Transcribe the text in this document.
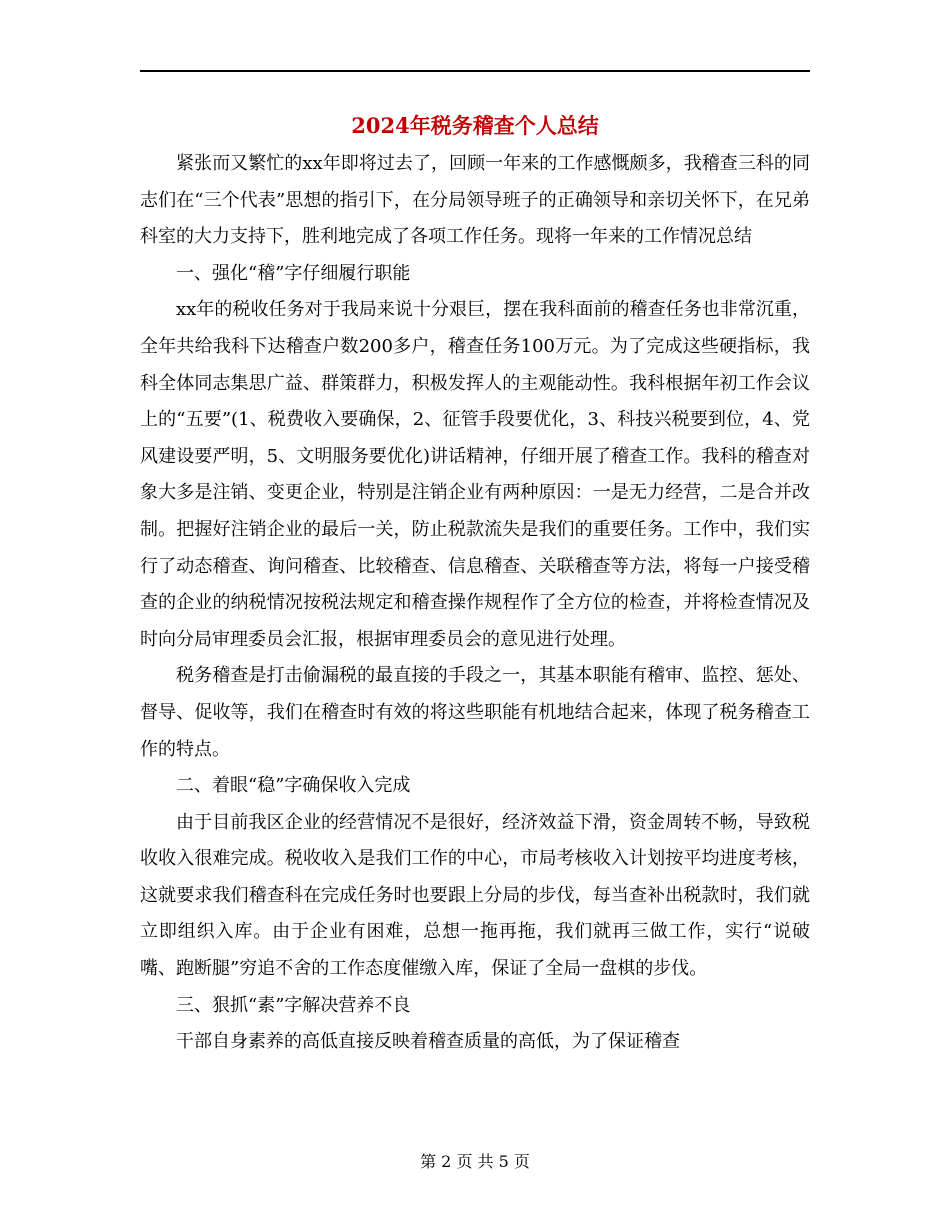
2024年税务稽查个人总结

紧张而又繁忙的xx年即将过去了，回顾一年来的工作感慨颇多，我稽查三科的同志们在“三个代表”思想的指引下，在分局领导班子的正确领导和亲切关怀下，在兄弟科室的大力支持下，胜利地完成了各项工作任务。现将一年来的工作情况总结

一、强化“稽”字仔细履行职能

xx年的税收任务对于我局来说十分艰巨，摆在我科面前的稽查任务也非常沉重，全年共给我科下达稽查户数200多户，稽查任务100万元。为了完成这些硬指标，我科全体同志集思广益、群策群力，积极发挥人的主观能动性。我科根据年初工作会议上的“五要”(1、税费收入要确保，2、征管手段要优化，3、科技兴税要到位，4、党风建设要严明，5、文明服务要优化)讲话精神，仔细开展了稽查工作。我科的稽查对象大多是注销、变更企业，特别是注销企业有两种原因：一是无力经营，二是合并改制。把握好注销企业的最后一关，防止税款流失是我们的重要任务。工作中，我们实行了动态稽查、询问稽查、比较稽查、信息稽查、关联稽查等方法，将每一户接受稽查的企业的纳税情况按税法规定和稽查操作规程作了全方位的检查，并将检查情况及时向分局审理委员会汇报，根据审理委员会的意见进行处理。

税务稽查是打击偷漏税的最直接的手段之一，其基本职能有稽审、监控、惩处、督导、促收等，我们在稽查时有效的将这些职能有机地结合起来，体现了税务稽查工作的特点。

二、着眼“稳”字确保收入完成

由于目前我区企业的经营情况不是很好，经济效益下滑，资金周转不畅，导致税收收入很难完成。税收收入是我们工作的中心，市局考核收入计划按平均进度考核，这就要求我们稽查科在完成任务时也要跟上分局的步伐，每当查补出税款时，我们就立即组织入库。由于企业有困难，总想一拖再拖，我们就再三做工作，实行“说破嘴、跑断腿”穷追不舍的工作态度催缴入库，保证了全局一盘棋的步伐。

三、狠抓“素”字解决营养不良

干部自身素养的高低直接反映着稽查质量的高低，为了保证稽查

第 2 页 共 5 页
